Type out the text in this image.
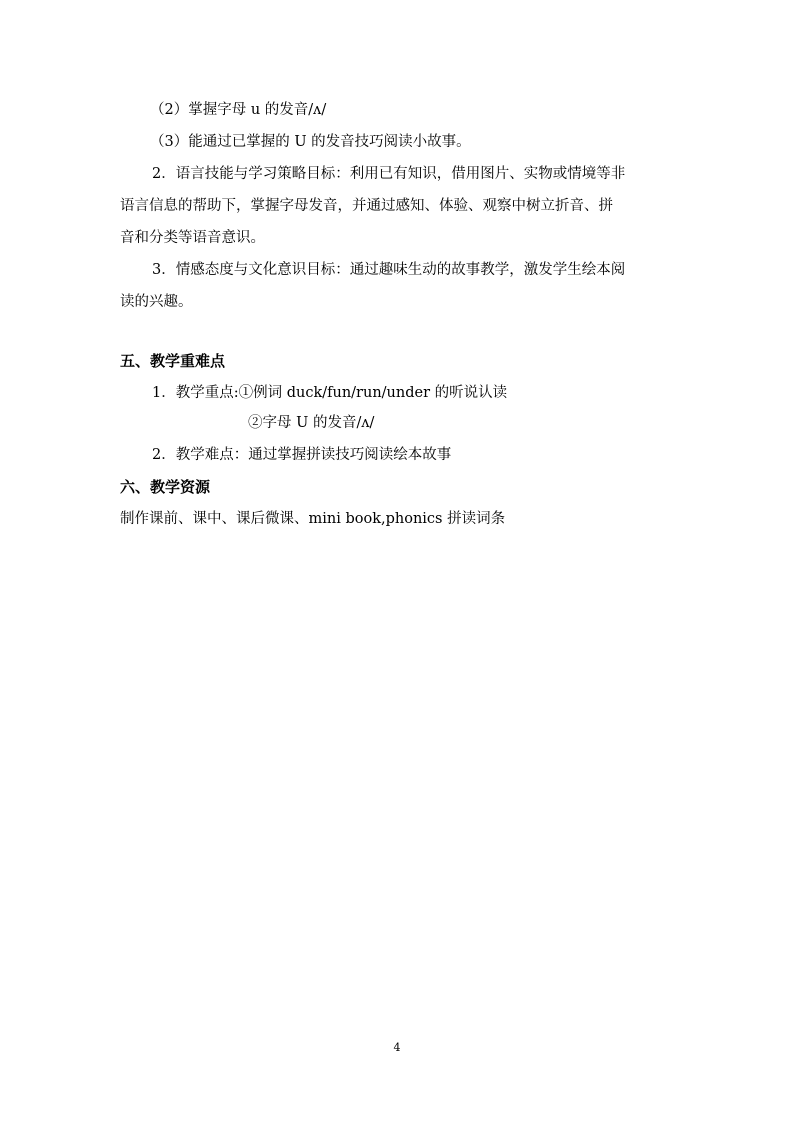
（2）掌握字母 u 的发音/ʌ/
（3）能通过已掌握的 U 的发音技巧阅读小故事。
2．语言技能与学习策略目标：利用已有知识，借用图片、实物或情境等非
语言信息的帮助下，掌握字母发音，并通过感知、体验、观察中树立折音、拼
音和分类等语音意识。
3．情感态度与文化意识目标：通过趣味生动的故事教学，激发学生绘本阅
读的兴趣。
五、教学重难点
1．教学重点:①例词 duck/fun/run/under 的听说认读
②字母 U 的发音/ʌ/
2．教学难点：通过掌握拼读技巧阅读绘本故事
六、教学资源
制作课前、课中、课后微课、mini book,phonics 拼读词条
4
